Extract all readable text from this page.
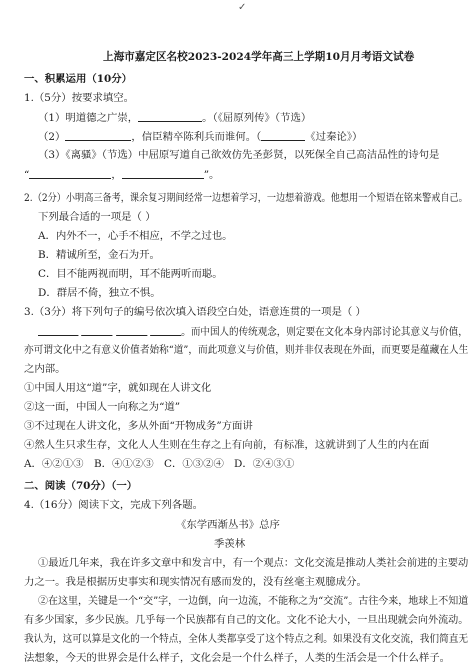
✓
上海市嘉定区名校2023-2024学年高三上学期10月月考语文试卷
一、积累运用（10分）
1.（5分）按要求填空。
（1）明道德之广崇，	。（《屈原列传》（节选）
（2）	，信臣精卒陈利兵而谁何。（	《过秦论》）
（3）《离骚》（节选）中屈原写道自己欲效仿先圣彭贤，以死保全自己高洁品性的诗句是
“	，	”。
2.（2分）小明高三备考，课余复习期间经常一边想着学习，一边想着游戏。他想用一个短语在铭来警戒自己。
下列最合适的一项是（ ）
A．内外不一，心手不相应，不学之过也。
B．精诚所至，金石为开。
C．目不能两视而明，耳不能两听而聪。
D．群居不倚，独立不惧。
3.（3分）将下列句子的编号依次填入语段空白处，语意连贯的一项是（ ）
。而中国人的传统观念，则定要在文化本身内部讨论其意义与价值，
亦可谓文化中之有意义价值者始称“道”，而此项意义与价值，则并非仅表现在外面，而更要是蕴藏在人生
之内部。
①中国人用这“道”字，就如现在人讲文化
②这一面，中国人一向称之为“道”
③不过现在人讲文化，多从外面“开物成务”方面讲
④然人生只求生存，文化人人生则在生存之上有向前，有标准，这就讲到了人生的内在面
A．④②①③ B．④①②③ C．①③②④ D．②④③①
二、阅读（70分）（一）
4.（16分）阅读下文，完成下列各题。
《东学西渐丛书》总序
季羡林
①最近几年来，我在许多文章中和发言中，有一个观点：文化交流是推动人类社会前进的主要动
力之一。我是根据历史事实和现实情况有感而发的，没有丝毫主观臆成分。
②在这里，关键是一个“交”字，一边倒，向一边流，不能称之为“交流”。古往今来，地球上不知道
有多少国家，多少民族。几乎每一个民族都有自己的文化。文化不论大小，一旦出现就会向外流动。
我认为，这可以算是文化的一个特点，全体人类都享受了这个特点之利。如果没有文化交流，我们简直无
法想象，今天的世界会是什么样子，文化会是一个什么样子，人类的生活会是一个什么样子。
